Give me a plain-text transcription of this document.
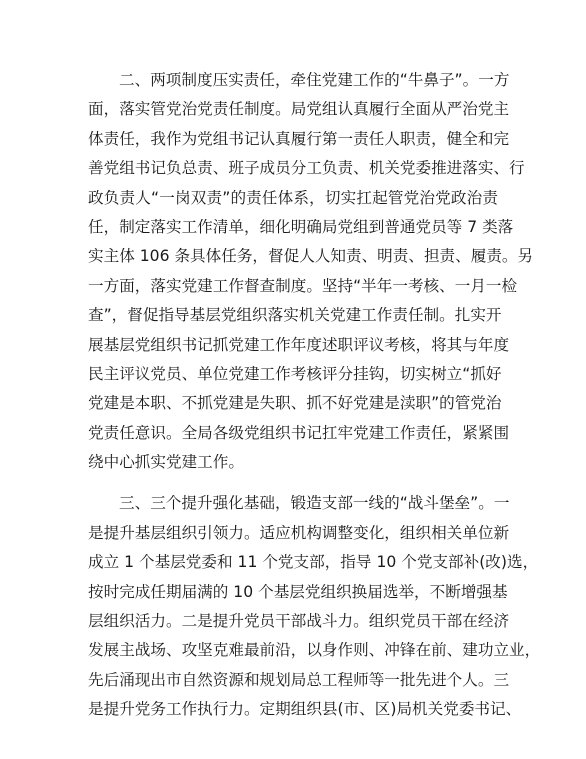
二、两项制度压实责任，牵住党建工作的“牛鼻子”。一方
面，落实管党治党责任制度。局党组认真履行全面从严治党主
体责任，我作为党组书记认真履行第一责任人职责，健全和完
善党组书记负总责、班子成员分工负责、机关党委推进落实、行
政负责人“一岗双责”的责任体系，切实扛起管党治党政治责
任，制定落实工作清单，细化明确局党组到普通党员等 7 类落
实主体 106 条具体任务，督促人人知责、明责、担责、履责。另
一方面，落实党建工作督查制度。坚持“半年一考核、一月一检
查”，督促指导基层党组织落实机关党建工作责任制。扎实开
展基层党组织书记抓党建工作年度述职评议考核，将其与年度
民主评议党员、单位党建工作考核评分挂钩，切实树立“抓好
党建是本职、不抓党建是失职、抓不好党建是渎职”的管党治
党责任意识。全局各级党组织书记扛牢党建工作责任，紧紧围
绕中心抓实党建工作。
三、三个提升强化基础，锻造支部一线的“战斗堡垒”。一
是提升基层组织引领力。适应机构调整变化，组织相关单位新
成立 1 个基层党委和 11 个党支部，指导 10 个党支部补(改)选，
按时完成任期届满的 10 个基层党组织换届选举，不断增强基
层组织活力。二是提升党员干部战斗力。组织党员干部在经济
发展主战场、攻坚克难最前沿，以身作则、冲锋在前、建功立业，
先后涌现出市自然资源和规划局总工程师等一批先进个人。三
是提升党务工作执行力。定期组织县(市、区)局机关党委书记、
